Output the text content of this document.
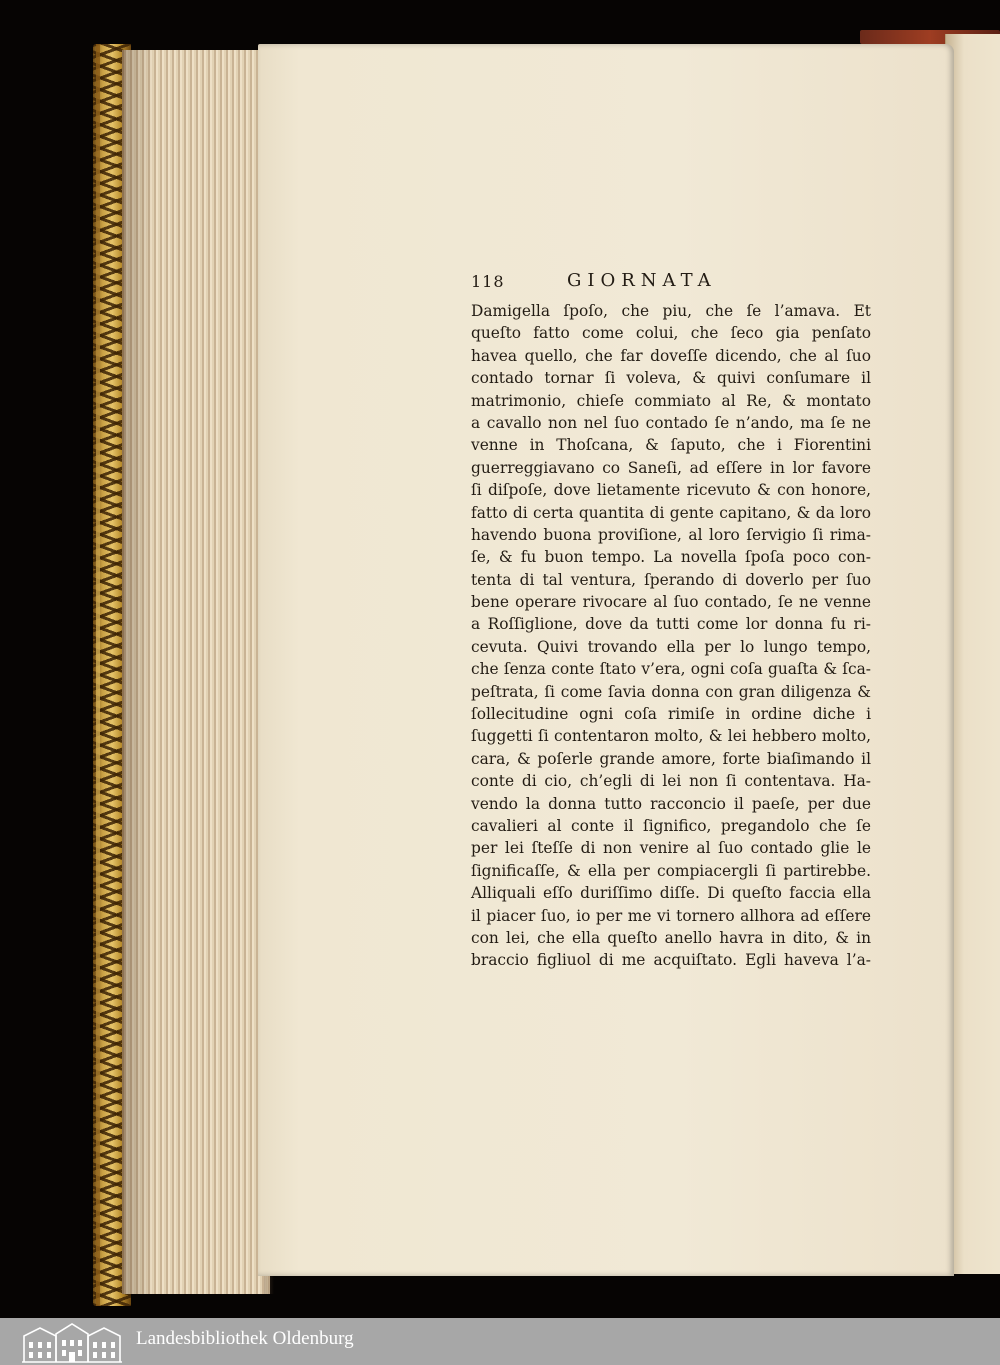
118	GIORNATA
Damigella ſpoſo, che piu, che ſe l’amava. Et
queſto fatto come colui, che ſeco gia penſato
havea quello, che far doveſſe dicendo, che al ſuo
contado tornar ſi voleva, & quivi conſumare il
matrimonio, chieſe commiato al Re, & montato
a cavallo non nel ſuo contado ſe n’ando, ma ſe ne
venne in Thoſcana, & ſaputo, che i Fiorentini
guerreggiavano co Saneſi, ad eſſere in lor favore
ſi diſpoſe, dove lietamente ricevuto & con honore,
fatto di certa quantita di gente capitano, & da loro
havendo buona proviſione, al loro ſervigio ſi rima-
ſe, & fu buon tempo. La novella ſpoſa poco con-
tenta di tal ventura, ſperando di doverlo per ſuo
bene operare rivocare al ſuo contado, ſe ne venne
a Roſſiglione, dove da tutti come lor donna fu ri-
cevuta. Quivi trovando ella per lo lungo tempo,
che ſenza conte ſtato v’era, ogni coſa guaſta & ſca-
peſtrata, ſi come ſavia donna con gran diligenza &
ſollecitudine ogni coſa rimiſe in ordine diche i
ſuggetti ſi contentaron molto, & lei hebbero molto,
cara, & poſerle grande amore, forte biaſimando il
conte di cio, ch’egli di lei non ſi contentava. Ha-
vendo la donna tutto racconcio il paeſe, per due
cavalieri al conte il ſignifico, pregandolo che ſe
per lei ſteſſe di non venire al ſuo contado glie le
ſignificaſſe, & ella per compiacergli ſi partirebbe.
Alliquali eſſo duriſſimo diſſe. Di queſto faccia ella
il piacer ſuo, io per me vi tornero allhora ad eſſere
con lei, che ella queſto anello havra in dito, & in
braccio figliuol di me acquiſtato. Egli haveva l’a-
Landesbibliothek Oldenburg
